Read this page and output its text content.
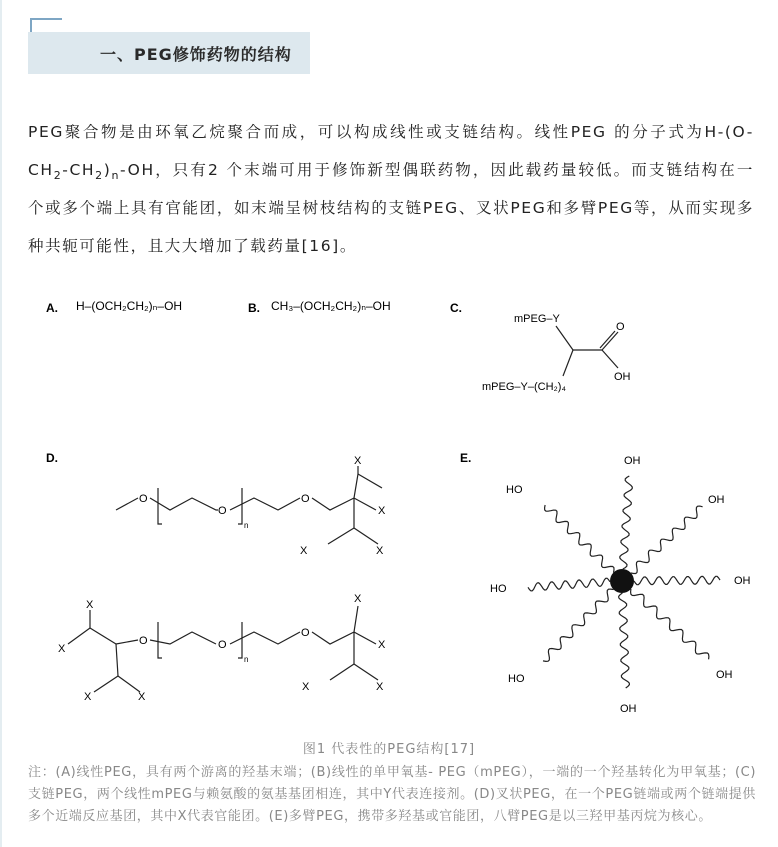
一、PEG修饰药物的结构
PEG聚合物是由环氧乙烷聚合而成，可以构成线性或支链结构。线性PEG 的分子式为$H-(O-CH_2-CH_2)_n-OH$，只有2 个末端可用于修饰新型偶联药物，因此载药量较低。而支链结构在一个或多个端上具有官能团，如末端呈树枝结构的支链PEG、叉状PEG和多臂PEG等，从而实现多种共轭可能性，且大大增加了载药量[16]。
A. H–(OCH₂CH₂)ₙ–OH	B. CH₃–(OCH₂CH₂)ₙ–OH	C.
mPEG–Y
O
OH
mPEG–Y–(CH₂)₄
D.
O
O
n
O
X
X
X	X
X
X
X	X
O	O
n
O
X
X
X	X
E.	OH
OH
OH
OH
OH
HO
HO
HO
图1 代表性的PEG结构[17]
注：(A)线性PEG，具有两个游离的羟基末端；(B)线性的单甲氧基- PEG（mPEG），一端的一个羟基转化为甲氧基；(C)支链PEG，两个线性mPEG与赖氨酸的氨基基团相连，其中Y代表连接剂。(D)叉状PEG，在一个PEG链端或两个链端提供多个近端反应基团，其中X代表官能团。(E)多臂PEG，携带多羟基或官能团，八臂PEG是以三羟甲基丙烷为核心。
